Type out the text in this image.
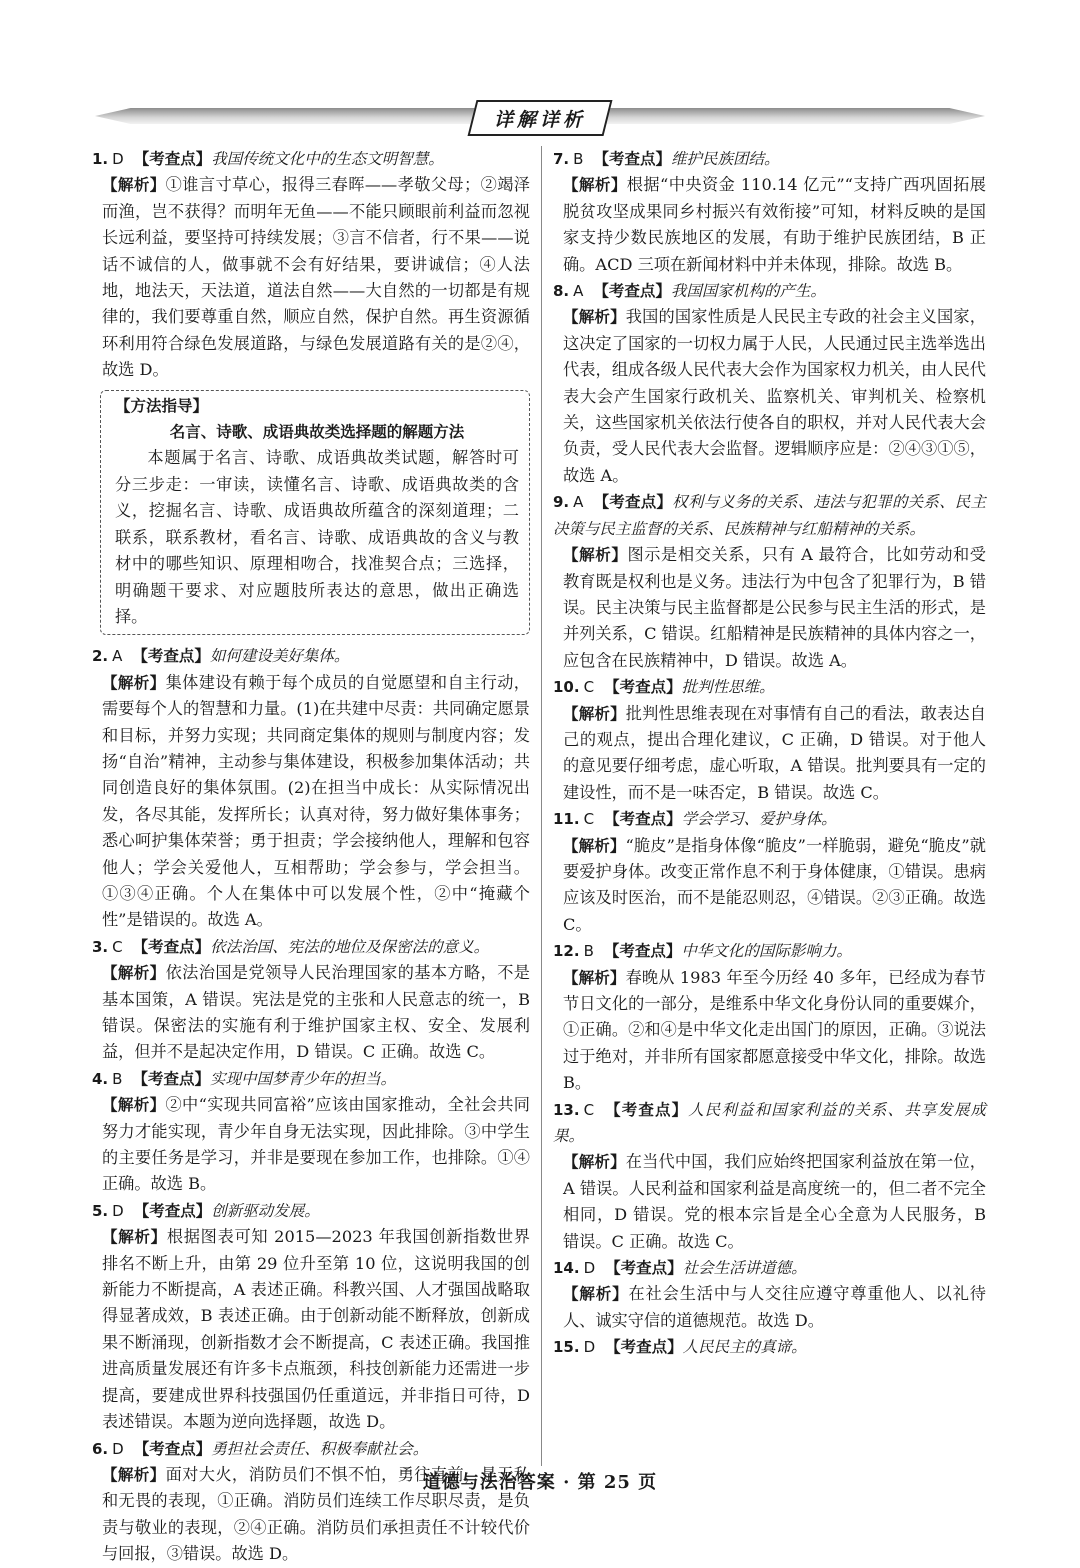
详解详析

1. D 【考查点】我国传统文化中的生态文明智慧。

【解析】①谁言寸草心，报得三春晖——孝敬父母；②竭泽而渔，岂不获得？而明年无鱼——不能只顾眼前利益而忽视长远利益，要坚持可持续发展；③言不信者，行不果——说话不诚信的人，做事就不会有好结果，要讲诚信；④人法地，地法天，天法道，道法自然——大自然的一切都是有规律的，我们要尊重自然，顺应自然，保护自然。再生资源循环利用符合绿色发展道路，与绿色发展道路有关的是②④，故选 D。

【方法指导】

名言、诗歌、成语典故类选择题的解题方法

本题属于名言、诗歌、成语典故类试题，解答时可分三步走：一审读，读懂名言、诗歌、成语典故类的含义，挖掘名言、诗歌、成语典故所蕴含的深刻道理；二联系，联系教材，看名言、诗歌、成语典故的含义与教材中的哪些知识、原理相吻合，找准契合点；三选择，明确题干要求、对应题肢所表达的意思，做出正确选择。

2. A 【考查点】如何建设美好集体。

【解析】集体建设有赖于每个成员的自觉愿望和自主行动，需要每个人的智慧和力量。(1)在共建中尽责：共同确定愿景和目标，并努力实现；共同商定集体的规则与制度内容；发扬“自治”精神，主动参与集体建设，积极参加集体活动；共同创造良好的集体氛围。(2)在担当中成长：从实际情况出发，各尽其能，发挥所长；认真对待，努力做好集体事务；悉心呵护集体荣誉；勇于担责；学会接纳他人，理解和包容他人；学会关爱他人，互相帮助；学会参与，学会担当。①③④正确。个人在集体中可以发展个性，②中“掩藏个性”是错误的。故选 A。

3. C 【考查点】依法治国、宪法的地位及保密法的意义。

【解析】依法治国是党领导人民治理国家的基本方略，不是基本国策，A 错误。宪法是党的主张和人民意志的统一，B 错误。保密法的实施有利于维护国家主权、安全、发展利益，但并不是起决定作用，D 错误。C 正确。故选 C。

4. B 【考查点】实现中国梦青少年的担当。

【解析】②中“实现共同富裕”应该由国家推动，全社会共同努力才能实现，青少年自身无法实现，因此排除。③中学生的主要任务是学习，并非是要现在参加工作，也排除。①④正确。故选 B。

5. D 【考查点】创新驱动发展。

【解析】根据图表可知 2015—2023 年我国创新指数世界排名不断上升，由第 29 位升至第 10 位，这说明我国的创新能力不断提高，A 表述正确。科教兴国、人才强国战略取得显著成效，B 表述正确。由于创新动能不断释放，创新成果不断涌现，创新指数才会不断提高，C 表述正确。我国推进高质量发展还有许多卡点瓶颈，科技创新能力还需进一步提高，要建成世界科技强国仍任重道远，并非指日可待，D 表述错误。本题为逆向选择题，故选 D。

6. D 【考查点】勇担社会责任、积极奉献社会。

【解析】面对大火，消防员们不惧不怕，勇往直前，是无私和无畏的表现，①正确。消防员们连续工作尽职尽责，是负责与敬业的表现，②④正确。消防员们承担责任不计较代价与回报，③错误。故选 D。

7. B 【考查点】维护民族团结。

【解析】根据“中央资金 110.14 亿元”“支持广西巩固拓展脱贫攻坚成果同乡村振兴有效衔接”可知，材料反映的是国家支持少数民族地区的发展，有助于维护民族团结，B 正确。ACD 三项在新闻材料中并未体现，排除。故选 B。

8. A 【考查点】我国国家机构的产生。

【解析】我国的国家性质是人民民主专政的社会主义国家，这决定了国家的一切权力属于人民，人民通过民主选举选出代表，组成各级人民代表大会作为国家权力机关，由人民代表大会产生国家行政机关、监察机关、审判机关、检察机关，这些国家机关依法行使各自的职权，并对人民代表大会负责，受人民代表大会监督。逻辑顺序应是：②④③①⑤，故选 A。

9. A 【考查点】权利与义务的关系、违法与犯罪的关系、民主决策与民主监督的关系、民族精神与红船精神的关系。

【解析】图示是相交关系，只有 A 最符合，比如劳动和受教育既是权利也是义务。违法行为中包含了犯罪行为，B 错误。民主决策与民主监督都是公民参与民主生活的形式，是并列关系，C 错误。红船精神是民族精神的具体内容之一，应包含在民族精神中，D 错误。故选 A。

10. C 【考查点】批判性思维。

【解析】批判性思维表现在对事情有自己的看法，敢表达自己的观点，提出合理化建议，C 正确，D 错误。对于他人的意见要仔细考虑，虚心听取，A 错误。批判要具有一定的建设性，而不是一味否定，B 错误。故选 C。

11. C 【考查点】学会学习、爱护身体。

【解析】“脆皮”是指身体像“脆皮”一样脆弱，避免“脆皮”就要爱护身体。改变正常作息不利于身体健康，①错误。患病应该及时医治，而不是能忍则忍，④错误。②③正确。故选 C。

12. B 【考查点】中华文化的国际影响力。

【解析】春晚从 1983 年至今历经 40 多年，已经成为春节节日文化的一部分，是维系中华文化身份认同的重要媒介，①正确。②和④是中华文化走出国门的原因，正确。③说法过于绝对，并非所有国家都愿意接受中华文化，排除。故选 B。

13. C 【考查点】人民利益和国家利益的关系、共享发展成果。

【解析】在当代中国，我们应始终把国家利益放在第一位，A 错误。人民利益和国家利益是高度统一的，但二者不完全相同，D 错误。党的根本宗旨是全心全意为人民服务，B 错误。C 正确。故选 C。

14. D 【考查点】社会生活讲道德。

【解析】在社会生活中与人交往应遵守尊重他人、以礼待人、诚实守信的道德规范。故选 D。

15. D 【考查点】人民民主的真谛。

道德与法治答案 · 第 25 页
